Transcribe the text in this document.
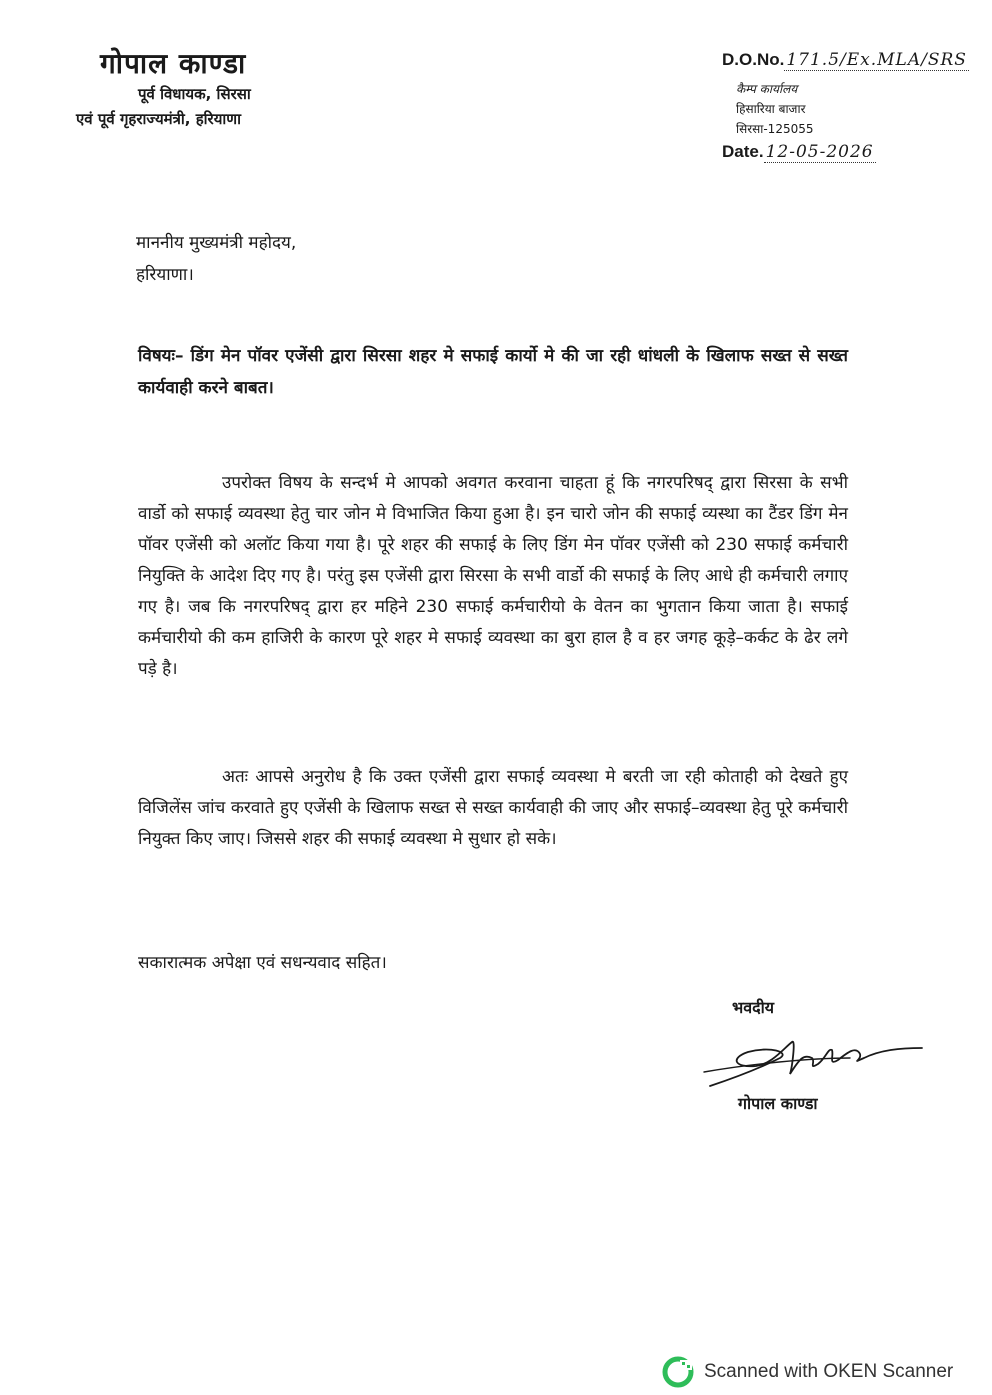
गोपाल काण्डा
पूर्व विधायक, सिरसा
एवं पूर्व गृहराज्यमंत्री, हरियाणा
D.O.No. 171.5/Ex.MLA/SRS
कैम्प कार्यालय
हिसारिया बाजार
सिरसा-125055
Date. 12-05-2026
माननीय मुख्यमंत्री महोदय,
हरियाणा।
विषयः– डिंग मेन पॉवर एजेंसी द्वारा सिरसा शहर मे सफाई कार्यो मे की जा रही धांधली के खिलाफ सख्त से सख्त कार्यवाही करने बाबत।
उपरोक्त विषय के सन्दर्भ मे आपको अवगत करवाना चाहता हूं कि नगरपरिषद् द्वारा सिरसा के सभी वार्डो को सफाई व्यवस्था हेतु चार जोन मे विभाजित किया हुआ है। इन चारो जोन की सफाई व्यस्था का टैंडर डिंग मेन पॉवर एजेंसी को अलॉट किया गया है। पूरे शहर की सफाई के लिए डिंग मेन पॉवर एजेंसी को 230 सफाई कर्मचारी नियुक्ति के आदेश दिए गए है। परंतु इस एजेंसी द्वारा सिरसा के सभी वार्डो की सफाई के लिए आधे ही कर्मचारी लगाए गए है। जब कि नगरपरिषद् द्वारा हर महिने 230 सफाई कर्मचारीयो के वेतन का भुगतान किया जाता है। सफाई कर्मचारीयो की कम हाजिरी के कारण पूरे शहर मे सफाई व्यवस्था का बुरा हाल है व हर जगह कूड़े–कर्कट के ढेर लगे पड़े है।
अतः आपसे अनुरोध है कि उक्त एजेंसी द्वारा सफाई व्यवस्था मे बरती जा रही कोताही को देखते हुए विजिलेंस जांच करवाते हुए एजेंसी के खिलाफ सख्त से सख्त कार्यवाही की जाए और सफाई–व्यवस्था हेतु पूरे कर्मचारी नियुक्त किए जाए। जिससे शहर की सफाई व्यवस्था मे सुधार हो सके।
सकारात्मक अपेक्षा एवं सधन्यवाद सहित।
भवदीय
गोपाल काण्डा
Scanned with OKEN Scanner
